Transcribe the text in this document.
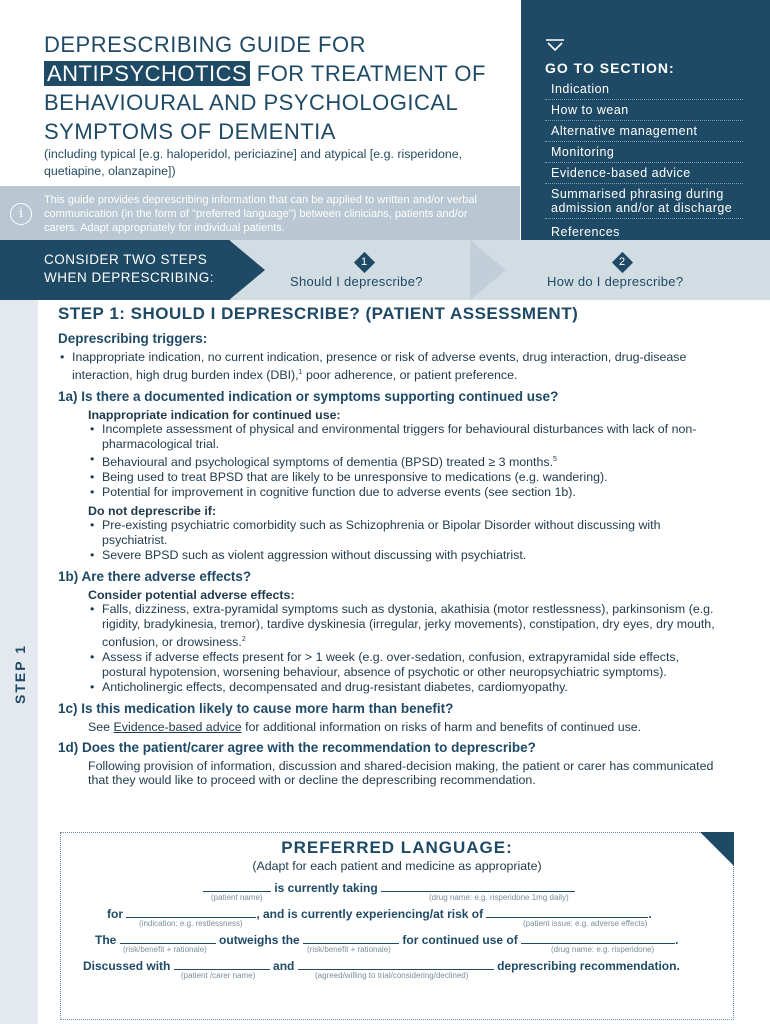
DEPRESCRIBING GUIDE FOR
ANTIPSYCHOTICS FOR TREATMENT OF
BEHAVIOURAL AND PSYCHOLOGICAL
SYMPTOMS OF DEMENTIA
(including typical [e.g. haloperidol, periciazine] and atypical [e.g. risperidone, quetiapine, olanzapine])
i
This guide provides deprescribing information that can be applied to written and/or verbal communication (in the form of "preferred language") between clinicians, patients and/or carers. Adapt appropriately for individual patients.
GO TO SECTION:
Indication
How to wean
Alternative management
Monitoring
Evidence-based advice
Summarised phrasing during admission and/or at discharge
References
CONSIDER TWO STEPS
WHEN DEPRESCRIBING:
1
Should I deprescribe?
2
How do I deprescribe?
STEP 1
STEP 1: SHOULD I DEPRESCRIBE? (PATIENT ASSESSMENT)
Deprescribing triggers:
• Inappropriate indication, no current indication, presence or risk of adverse events, drug interaction, drug-disease interaction, high drug burden index (DBI),$^1$ poor adherence, or patient preference.
1a) Is there a documented indication or symptoms supporting continued use?
Inappropriate indication for continued use:
• Incomplete assessment of physical and environmental triggers for behavioural disturbances with lack of non-pharmacological trial.
• Behavioural and psychological symptoms of dementia (BPSD) treated ≥ 3 months.$^5$
• Being used to treat BPSD that are likely to be unresponsive to medications (e.g. wandering).
• Potential for improvement in cognitive function due to adverse events (see section 1b).
Do not deprescribe if:
• Pre-existing psychiatric comorbidity such as Schizophrenia or Bipolar Disorder without discussing with psychiatrist.
• Severe BPSD such as violent aggression without discussing with psychiatrist.
1b) Are there adverse effects?
Consider potential adverse effects:
• Falls, dizziness, extra-pyramidal symptoms such as dystonia, akathisia (motor restlessness), parkinsonism (e.g. rigidity, bradykinesia, tremor), tardive dyskinesia (irregular, jerky movements), constipation, dry eyes, dry mouth, confusion, or drowsiness.$^2$
• Assess if adverse effects present for > 1 week (e.g. over-sedation, confusion, extrapyramidal side effects, postural hypotension, worsening behaviour, absence of psychotic or other neuropsychiatric symptoms).
• Anticholinergic effects, decompensated and drug-resistant diabetes, cardiomyopathy.
1c) Is this medication likely to cause more harm than benefit?

See Evidence-based advice for additional information on risks of harm and benefits of continued use.

1d) Does the patient/carer agree with the recommendation to deprescribe?

Following provision of information, discussion and shared-decision making, the patient or carer has communicated that they would like to proceed with or decline the deprescribing recommendation.

PREFERRED LANGUAGE:
(Adapt for each patient and medicine as appropriate)
is currently taking
(patient name)	(drug name: e.g. risperidone 1mg daily)
for	, and is currently experiencing/at risk of	.
(indication: e.g. restlessness)	(patient issue: e.g. adverse effects)
The	outweighs the	for continued use of	.
(risk/benefit + rationale)	(risk/benefit + rationale)	(drug name: e.g. risperidone)
Discussed with	and	deprescribing recommendation.
(patient /carer name)	(agreed/willing to trial/considering/declined)
